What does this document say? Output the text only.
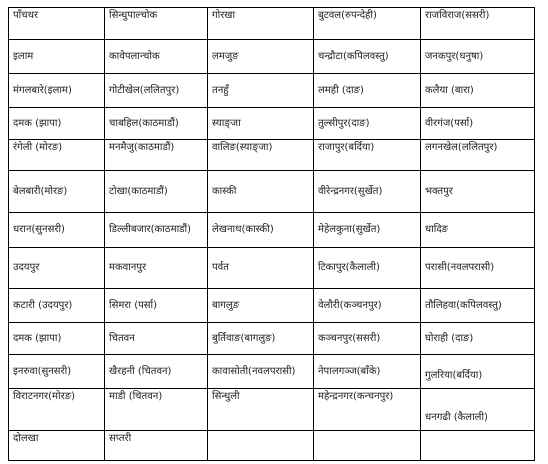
पाँचथर	सिन्धुपाल्चोक	गोरखा	बुटवल(रुपन्देही)	राजविराज(ससरी)
इलाम	कावेपलान्चोक	लमजुङ	चन्द्रौटा(कपिलवस्तु)	जनकपुर(धनुषा)
मंगलबारे(इलाम)	गोटीखेल(ललितपुर)	तनहुँ	लमही (दाङ)	कलैया (बारा)
दमक (झापा)	चाबहिल(काठमाडौं)	स्याङ्जा	तुल्सीपुर(दाङ)	वीरगंज(पर्सा)
रंगेली (मोरङ)	मनमैजु(काठमाडौं)	वालिङ(स्याङ्जा)	राजापुर(बर्दिया)	लगनखेल(ललितपुर)
बेलबारी(मोरङ)	टोखा(काठमाडौं)	कास्की	वीरेन्द्रनगर(सुर्खेत)	भक्तपुर
धरान(सुनसरी)	डिल्लीबजार(काठमाडौं)	लेखनाथ(कास्की)	मेहेलकुना(सुर्खेत)	धादिङ
उदयपुर	मकवानपुर	पर्वत	टिकापुर(कैलाली)	परासी(नवलपरासी)
कटारी (उदयपुर)	सिमरा (पर्सा)	बागलुङ	वेलौरी(कञ्चनपुर)	तौलिहवा(कपिलवस्तु)
दमक (झापा)	चितवन	बुर्तिवाङ(बागलुङ)	कञ्चनपुर(ससरी)	घोराही (दाङ)
इनरुवा(सुनसरी)	खैरहनी (चितवन)	कावासोती(नवलपरासी)	नेपालगञ्ज(बाँके)	गुलरिया(बर्दिया)
विराटनगर(मोरङ)	माडी (चितवन)	सिन्धुली	महेन्द्रनगर(कन्चनपुर)	धनगढी (कैलाली)
दोलखा	सप्तरी			
